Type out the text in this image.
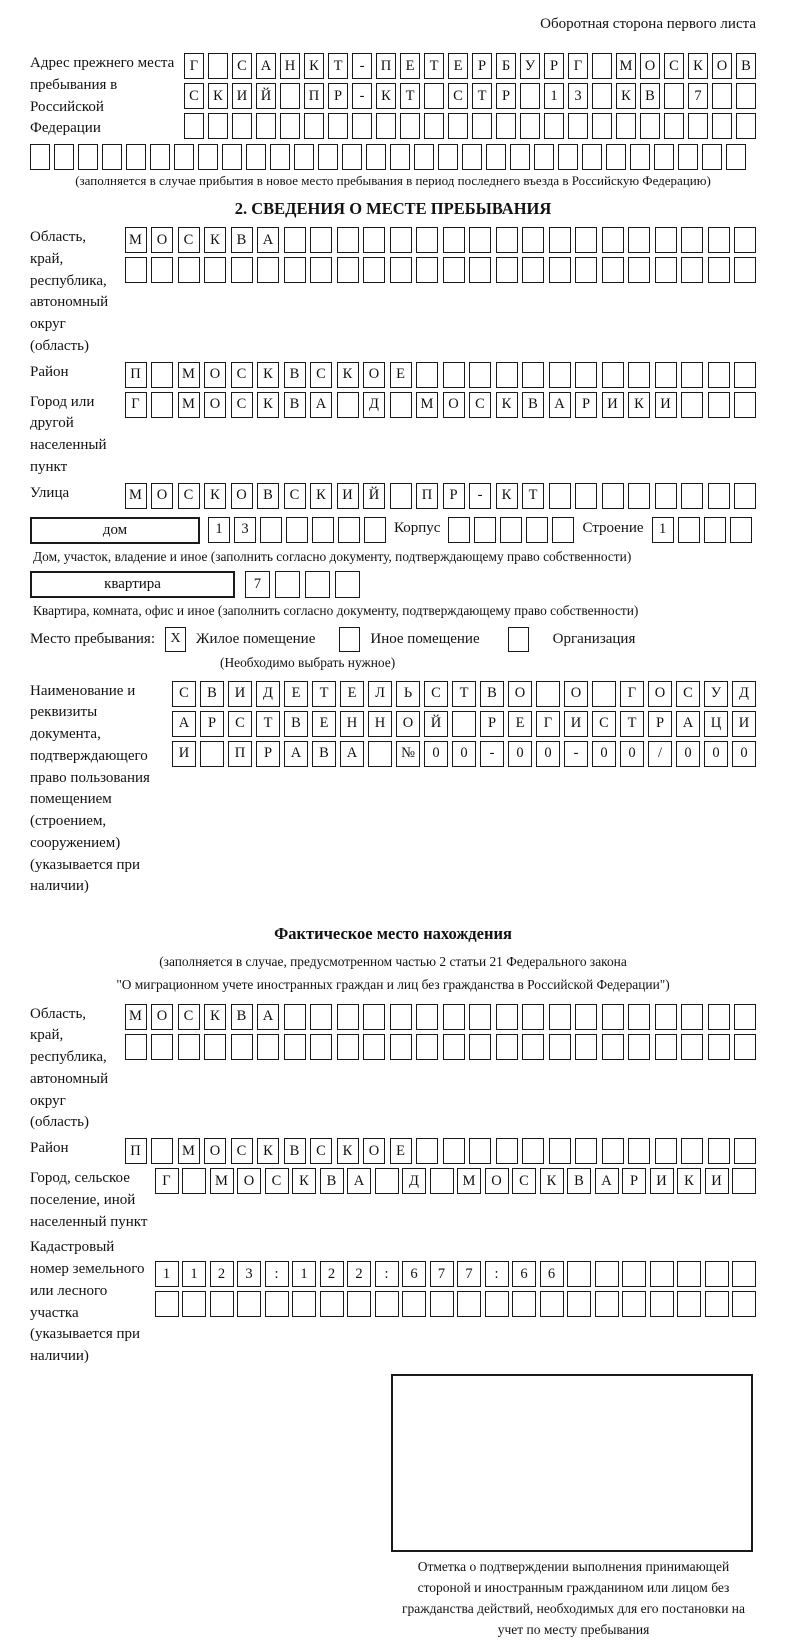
Оборотная сторона первого листа
Адрес прежнего места пребывания в Российской Федерации
Г	С А Н К	Т	-	П Е	Т	Е	Р	Б	У	Р	Г	М О С К О В
С К И Й	П	Р	-	К	Т	С	Т	Р	1	3	К В	7
(заполняется в случае прибытия в новое место пребывания в период последнего въезда в Российскую Федерацию)
2. СВЕДЕНИЯ О МЕСТЕ ПРЕБЫВАНИЯ
Область, край, республика, автономный округ (область)
М	О	С	К	В	А
Район	П	М	О	С	К	В	С	К	О	Е
Город или другой населенный пункт
Г	М	О	С	К	В	А	Д	М	О	С	К	В	А	Р	И	К	И
Улица	М	О	С	К	О	В	С	К	И	Й	П	Р	-	К	Т
дом	1	3	Корпус	Строение	1
Дом, участок, владение и иное (заполнить согласно документу, подтверждающему право собственности)
квартира	7
Квартира, комната, офис и иное (заполнить согласно документу, подтверждающему право собственности)
Место пребывания:	X	Жилое помещение	Иное помещение	Организация
(Необходимо выбрать нужное)
Наименование и реквизиты документа, подтверждающего право пользования помещением (строением, сооружением) (указывается при наличии)
С	В	И	Д	Е	Т	Е	Л	Ь	С	Т	В	О	О	Г	О	С	У	Д
А	Р	С	Т	В	Е	Н	Н	О	Й	Р	Е	Г	И	С	Т	Р	А	Ц	И
И	П	Р	А	В	А	№	0	0	-	0	0	-	0	0	/	0	0	0
Фактическое место нахождения
(заполняется в случае, предусмотренном частью 2 статьи 21 Федерального закона
"О миграционном учете иностранных граждан и лиц без гражданства в Российской Федерации")
Область, край, республика, автономный округ (область)
М	О	С	К	В	А
Район	П	М	О	С	К	В	С	К	О	Е
Город, сельское поселение, иной населенный пункт
Г	М	О	С	К	В	А	Д	М	О	С	К	В	А	Р	И	К	И
Кадастровый номер земельного или лесного участка (указывается при наличии)
1	1	2	3	:	1	2	2	:	6	7	7	:	6	6
Отметка о подтверждении выполнения принимающей стороной и иностранным гражданином или лицом без гражданства действий, необходимых для его постановки на учет по месту пребывания
